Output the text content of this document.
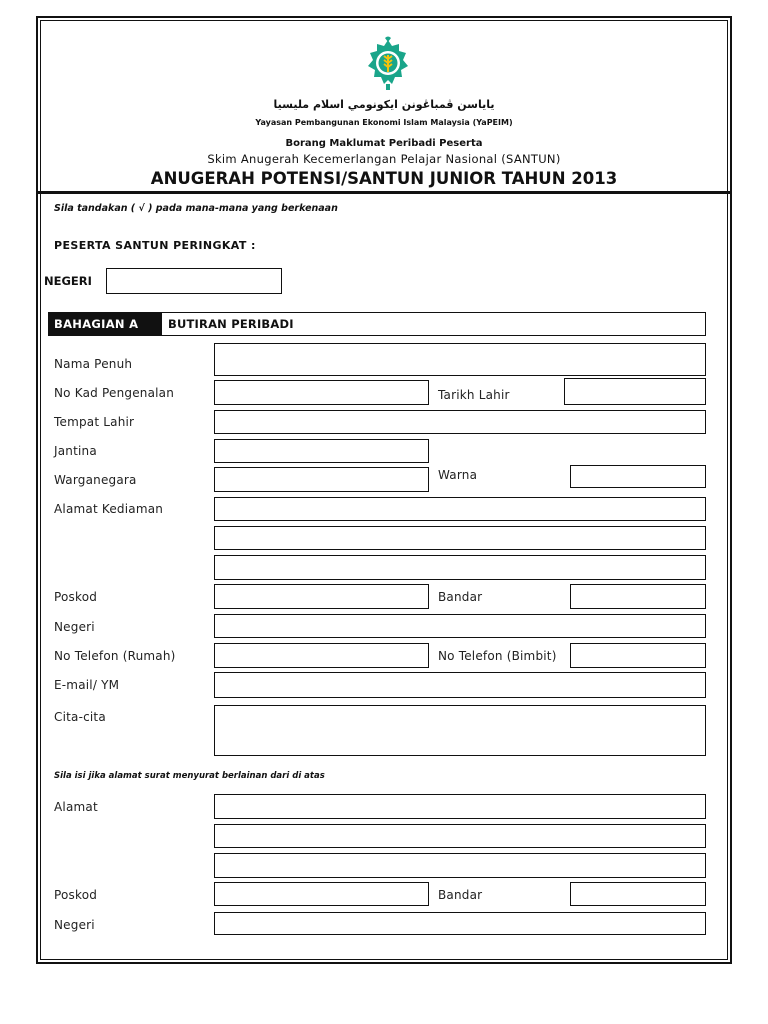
ياياسن ڤمباڠونن ايكونومي اسلام مليسيا
Yayasan Pembangunan Ekonomi Islam Malaysia (YaPEIM)
Borang Maklumat Peribadi Peserta
Skim Anugerah Kecemerlangan Pelajar Nasional (SANTUN)
ANUGERAH POTENSI/SANTUN JUNIOR TAHUN 2013
Sila tandakan ( √ ) pada mana-mana yang berkenaan
PESERTA SANTUN PERINGKAT :
NEGERI
BAHAGIAN A	BUTIRAN PERIBADI
Nama Penuh
No Kad Pengenalan	Tarikh Lahir
Tempat Lahir
Jantina
Warganegara	Warna
Alamat Kediaman
Poskod	Bandar
Negeri
No Telefon (Rumah)	No Telefon (Bimbit)
E-mail/ YM
Cita-cita
Sila isi jika alamat surat menyurat berlainan dari di atas
Alamat
Poskod	Bandar
Negeri
